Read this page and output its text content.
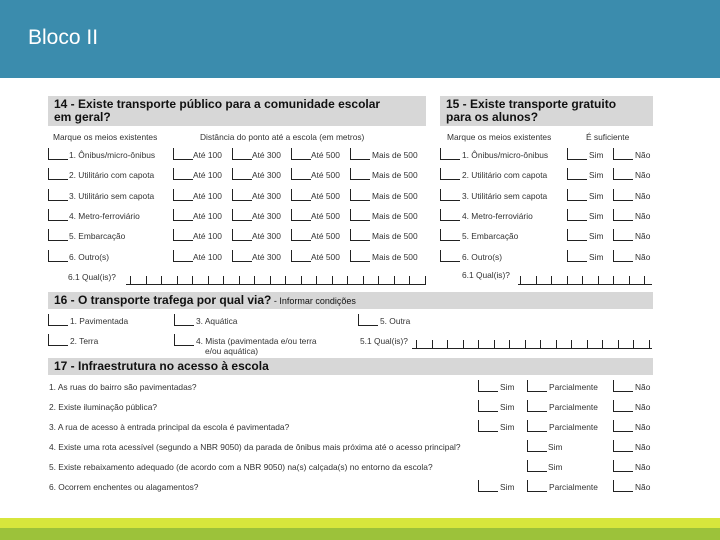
Bloco II
14 - Existe transporte público para a comunidade escolar
em geral?
Marque os meios existentes	Distância do ponto até a escola (em metros)
1. Ônibus/micro-ônibus	Até 100	Até 300	Até 500	Mais de 500
2. Utilitário com capota	Até 100	Até 300	Até 500	Mais de 500
3. Utilitário sem capota	Até 100	Até 300	Até 500	Mais de 500
4. Metro-ferroviário	Até 100	Até 300	Até 500	Mais de 500
5. Embarcação	Até 100	Até 300	Até 500	Mais de 500
6. Outro(s)	Até 100	Até 300	Até 500	Mais de 500
6.1 Qual(is)?
15 - Existe transporte gratuito
para os alunos?
Marque os meios existentes	É suficiente
1. Ônibus/micro-ônibus	Sim	Não
2. Utilitário com capota	Sim	Não
3. Utilitário sem capota	Sim	Não
4. Metro-ferroviário	Sim	Não
5. Embarcação	Sim	Não
6. Outro(s)	Sim	Não
6.1 Qual(is)?
16 - O transporte trafega por qual via? - Informar condições
1. Pavimentada	3. Aquática	5. Outra
2. Terra	4. Mista (pavimentada e/ou terra
e/ou aquática)
5.1 Qual(is)?
17 - Infraestrutura no acesso à escola
1. As ruas do bairro são pavimentadas?	Sim	Parcialmente	Não
2. Existe iluminação pública?	Sim	Parcialmente	Não
3. A rua de acesso à entrada principal da escola é pavimentada?	Sim	Parcialmente	Não
4. Existe uma rota acessível (segundo a NBR 9050) da parada de ônibus mais próxima até o acesso principal?	Sim	Não
5. Existe rebaixamento adequado (de acordo com a NBR 9050) na(s) calçada(s) no entorno da escola?	Sim	Não
6. Ocorrem enchentes ou alagamentos?	Sim	Parcialmente	Não
